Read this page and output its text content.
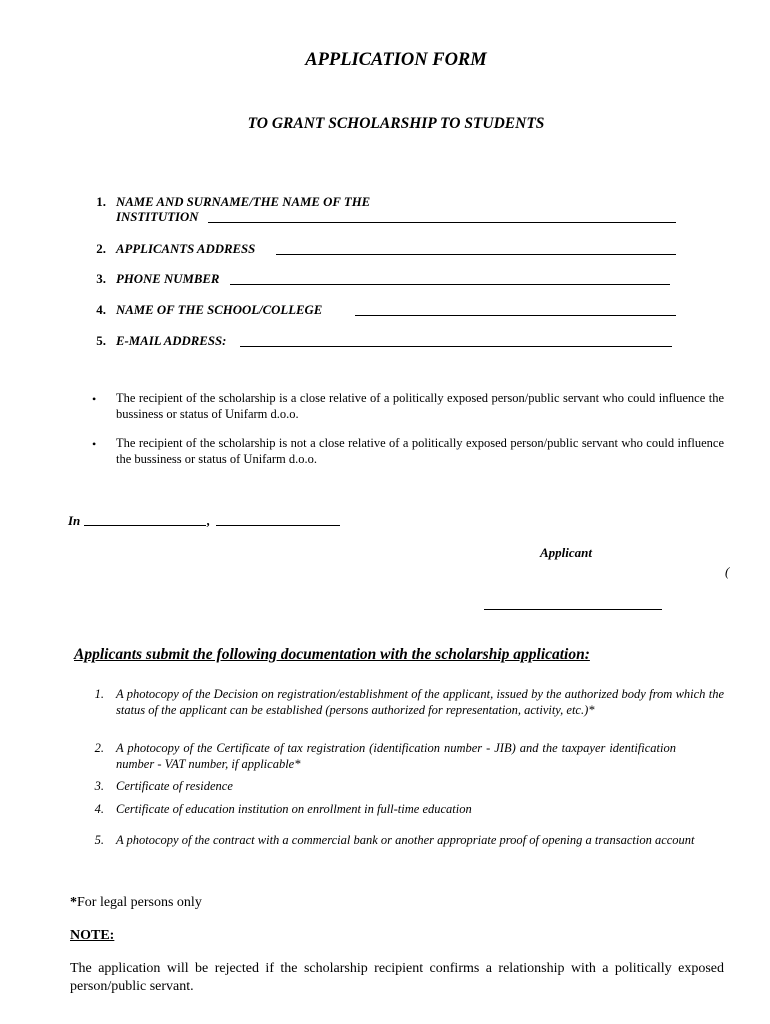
APPLICATION FORM
TO GRANT SCHOLARSHIP TO STUDENTS
1. NAME AND SURNAME/THE NAME OF THE
INSTITUTION
2. APPLICANTS ADDRESS
3. PHONE NUMBER
4. NAME OF THE SCHOOL/COLLEGE
5. E-MAIL ADDRESS:
• The recipient of the scholarship is a close relative of a politically exposed person/public servant who could influence the bussiness or status of Unifarm d.o.o.
• The recipient of the scholarship is not a close relative of a politically exposed person/public servant who could influence the bussiness or status of Unifarm d.o.o.
In	,
Applicant
(
Applicants submit the following documentation with the scholarship application:
1. A photocopy of the Decision on registration/establishment of the applicant, issued by the authorized body from which the status of the applicant can be established (persons authorized for representation, activity, etc.)*
2. A photocopy of the Certificate of tax registration (identification number - JIB) and the taxpayer identification number - VAT number, if applicable*
3. Certificate of residence
4. Certificate of education institution on enrollment in full-time education
5. A photocopy of the contract with a commercial bank or another appropriate proof of opening a transaction account
*For legal persons only
NOTE:
The application will be rejected if the scholarship recipient confirms a relationship with a politically exposed person/public servant.
